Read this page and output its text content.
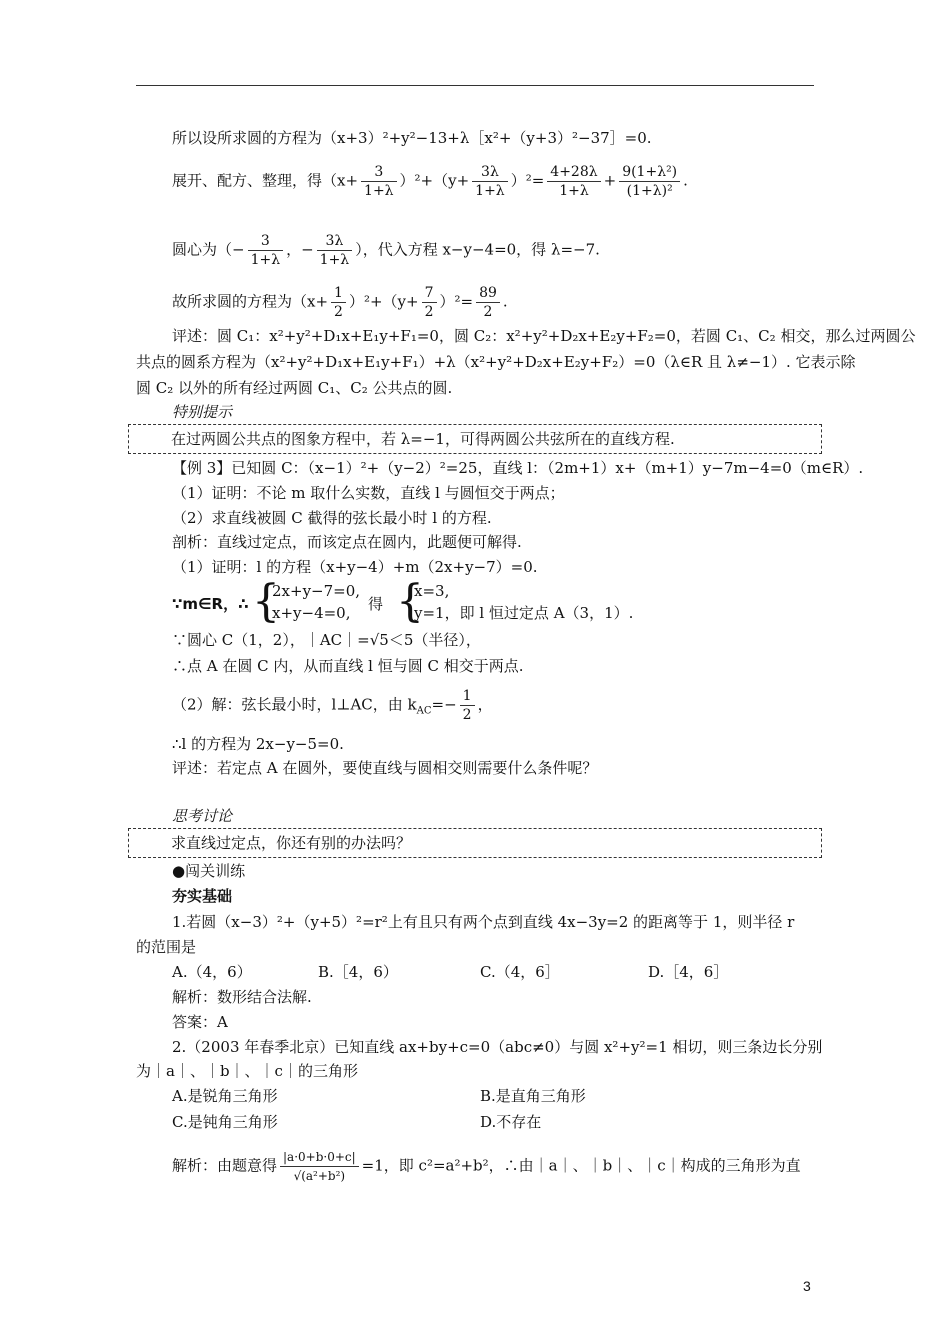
所以设所求圆的方程为（x+3）²+y²−13+λ［x²+（y+3）²−37］=0.
展开、配方、整理，得$(x+ \frac{3}{1+\lambda} )^2+(y+ \frac{3\lambda}{1+\lambda} )^2= \frac{4+28\lambda}{1+\lambda} + \frac{\text{9(1+λ²)}}{\text{(1+λ)²}}$ .
圆心为（− $\frac{3}{1+\lambda}$ ，− $\frac{3\lambda}{1+\lambda}$ ），代入方程 x−y−4=0，得 λ=−7.
故所求圆的方程为$(x+ \frac{1}{2} )^2+(y+ \frac{7}{2} )^2= \frac{89}{2}$ .
评述：圆 C₁：x²+y²+D₁x+E₁y+F₁=0，圆 C₂：x²+y²+D₂x+E₂y+F₂=0，若圆 C₁、C₂ 相交，那么过两圆公
共点的圆系方程为（x²+y²+D₁x+E₁y+F₁）+λ（x²+y²+D₂x+E₂y+F₂）=0（λ∈R 且 λ≠−1）. 它表示除
圆 C₂ 以外的所有经过两圆 C₁、C₂ 公共点的圆.
特别提示
在过两圆公共点的图象方程中，若 λ=−1，可得两圆公共弦所在的直线方程.
【例 3】已知圆 C：（x−1）²+（y−2）²=25，直线 l：（2m+1）x+（m+1）y−7m−4=0（m∈R）.
（1）证明：不论 m 取什么实数，直线 l 与圆恒交于两点；
（2）求直线被圆 C 截得的弦长最小时 l 的方程.
剖析：直线过定点，而该定点在圆内，此题便可解得.
（1）证明：l 的方程（x+y−4）+m（2x+y−7）=0.
∵m∈R，∴ {
2x+y−7=0,
x+y−4=0,	得 {
x=3,
y=1，即 l 恒过定点 A（3，1）.
∵圆心 C（1，2），｜AC｜=√5＜5（半径），
∴点 A 在圆 C 内，从而直线 l 恒与圆 C 相交于两点.
（2）解：弦长最小时，l⊥AC，由 $k_{AC}=- \frac{1}{2}$ ，
∴l 的方程为 2x−y−5=0.
评述：若定点 A 在圆外，要使直线与圆相交则需要什么条件呢？
思考讨论
求直线过定点，你还有别的办法吗？
●闯关训练
夯实基础
1.若圆（x−3）²+（y+5）²=r²上有且只有两个点到直线 4x−3y=2 的距离等于 1，则半径 r
的范围是
A.（4，6）	B.［4，6）	C.（4，6］	D.［4，6］
解析：数形结合法解.
答案：A
2.（2003 年春季北京）已知直线 ax+by+c=0（abc≠0）与圆 x²+y²=1 相切，则三条边长分别
为｜a｜、｜b｜、｜c｜的三角形
A.是锐角三角形	B.是直角三角形
C.是钝角三角形	D.不存在
解析：由题意得 $\frac{|a\cdot 0+b\cdot 0+c|}{\text{√(a²+b²)}} =1$，即 c²=a²+b²，∴由｜a｜、｜b｜、｜c｜构成的三角形为直
3
